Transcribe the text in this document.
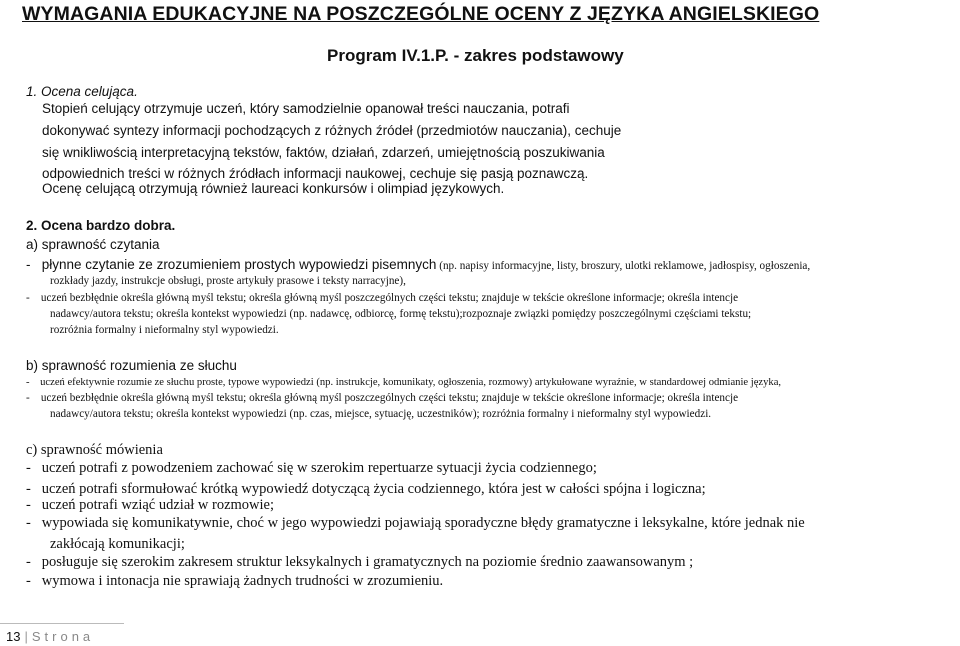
WYMAGANIA EDUKACYJNE NA POSZCZEGÓLNE OCENY Z JĘZYKA ANGIELSKIEGO
Program IV.1.P. - zakres podstawowy
1. Ocena celująca.
Stopień celujący otrzymuje uczeń, który samodzielnie opanował treści nauczania, potrafi
dokonywać syntezy informacji pochodzących z różnych źródeł (przedmiotów nauczania), cechuje
się wnikliwością interpretacyjną tekstów, faktów, działań, zdarzeń, umiejętnością poszukiwania
odpowiednich treści w różnych źródłach informacji naukowej, cechuje się pasją poznawczą.
Ocenę celującą otrzymują również laureaci konkursów i olimpiad językowych.
2. Ocena bardzo dobra.
a) sprawność czytania
-   płynne czytanie ze zrozumieniem prostych wypowiedzi pisemnych (np. napisy informacyjne, listy, broszury, ulotki reklamowe, jadłospisy, ogłoszenia,
rozkłady jazdy, instrukcje obsługi, proste artykuły prasowe i teksty narracyjne),
-    uczeń bezbłędnie określa główną myśl tekstu; określa główną myśl poszczególnych części tekstu; znajduje w tekście określone informacje; określa intencje
nadawcy/autora tekstu; określa kontekst wypowiedzi (np. nadawcę, odbiorcę, formę tekstu);rozpoznaje związki pomiędzy poszczególnymi częściami tekstu;
rozróżnia formalny i nieformalny styl wypowiedzi.
b) sprawność rozumienia ze słuchu
-    uczeń efektywnie rozumie ze słuchu proste, typowe wypowiedzi (np. instrukcje, komunikaty, ogłoszenia, rozmowy) artykułowane wyraźnie, w standardowej odmianie języka,
-    uczeń bezbłędnie określa główną myśl tekstu; określa główną myśl poszczególnych części tekstu; znajduje w tekście określone informacje; określa intencje
nadawcy/autora tekstu; określa kontekst wypowiedzi (np. czas, miejsce, sytuację, uczestników); rozróżnia formalny i nieformalny styl wypowiedzi.
c) sprawność mówienia
-   uczeń potrafi z powodzeniem zachować się w szerokim repertuarze sytuacji życia codziennego;
-   uczeń potrafi sformułować krótką wypowiedź dotyczącą życia codziennego, która jest w całości spójna i logiczna;
-   uczeń potrafi wziąć udział w rozmowie;
-   wypowiada się komunikatywnie, choć w jego wypowiedzi pojawiają sporadyczne błędy gramatyczne i leksykalne, które jednak nie
zakłócają komunikacji;
-   posługuje się szerokim zakresem struktur leksykalnych i gramatycznych na poziomie średnio zaawansowanym ;
-   wymowa i intonacja nie sprawiają żadnych trudności w zrozumieniu.
13 | Strona
